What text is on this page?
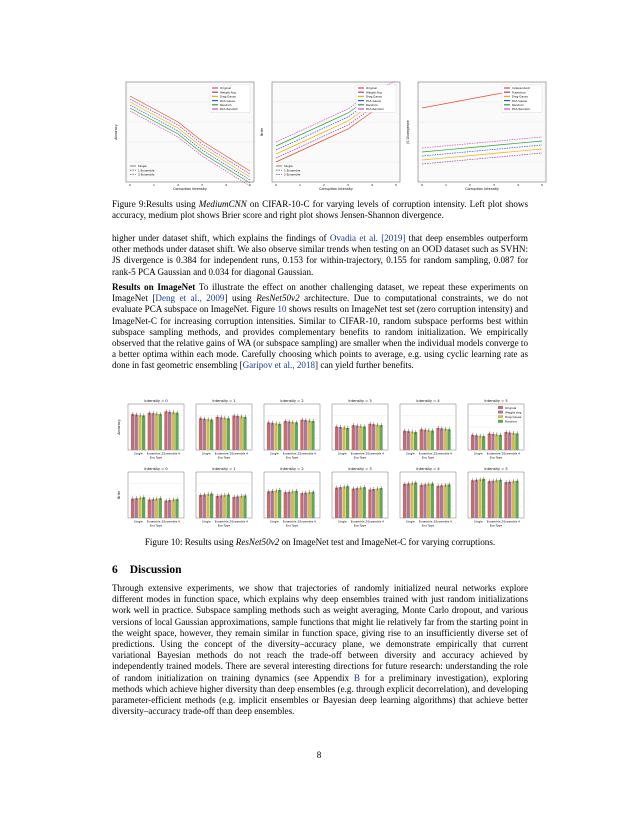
Accuracy
Corruption Intensity
0	1	2	3	4	5
Original
Weight Avg
Diag Gauss
PCA Gauss
Random
PCA Random
Single
1 Ensemble
2 Ensemble
Brier
Corruption Intensity
0	1	2	3	4	5
Original
Weight Avg
Diag Gauss
PCA Gauss
Random
PCA Random
Single
1 Ensemble
2 Ensemble
JS Divergence
Corruption Intensity
0	1	2	3	4	5
Independent
Trajectory
Diag Gauss
PCA Gauss
Random
PCA Random
Figure 9:Results using MediumCNN on CIFAR-10-C for varying levels of corruption intensity. Left plot shows accuracy, medium plot shows Brier score and right plot shows Jensen-Shannon divergence.
higher under dataset shift, which explains the findings of Ovadia et al. [2019] that deep ensembles outperform other methods under dataset shift. We also observe similar trends when testing on an OOD dataset such as SVHN: JS divergence is 0.384 for independent runs, 0.153 for within-trajectory, 0.155 for random sampling, 0.087 for rank-5 PCA Gaussian and 0.034 for diagonal Gaussian.
Results on ImageNet To illustrate the effect on another challenging dataset, we repeat these experiments on ImageNet [Deng et al., 2009] using ResNet50v2 architecture. Due to computational constraints, we do not evaluate PCA subspace on ImageNet. Figure 10 shows results on ImageNet test set (zero corruption intensity) and ImageNet-C for increasing corruption intensities. Similar to CIFAR-10, random subspace performs best within subspace sampling methods, and provides complementary benefits to random initialization. We empirically observed that the relative gains of WA (or subspace sampling) are smaller when the individual models converge to a better optima within each mode. Carefully choosing which points to average, e.g. using cyclic learning rate as done in fast geometric ensembling [Garipov et al., 2018] can yield further benefits.
Intensity = 0
Accuracy
Single Ensemble 2 Ensemble 4
Ens Type
Intensity = 1
Single Ensemble 2 Ensemble 4
Ens Type
Intensity = 2
Single Ensemble 2 Ensemble 4
Ens Type
Intensity = 3
Single Ensemble 2 Ensemble 4
Ens Type
Intensity = 4
Single Ensemble 2 Ensemble 4
Ens Type
Intensity = 5
Single Ensemble 2 Ensemble 4
Ens Type
Intensity = 0
Brier
Single Ensemble 2 Ensemble 4
Ens Type
Intensity = 1
Single Ensemble 2 Ensemble 4
Ens Type
Intensity = 2
Single Ensemble 2 Ensemble 4
Ens Type
Intensity = 3
Single Ensemble 2 Ensemble 4
Ens Type
Intensity = 4
Single Ensemble 2 Ensemble 4
Ens Type
Intensity = 5
Single Ensemble 2 Ensemble 4
Ens Type
Original
Weight Avg
Diag Gauss
Random
Figure 10: Results using ResNet50v2 on ImageNet test and ImageNet-C for varying corruptions.
6 Discussion
Through extensive experiments, we show that trajectories of randomly initialized neural networks explore different modes in function space, which explains why deep ensembles trained with just random initializations work well in practice. Subspace sampling methods such as weight averaging, Monte Carlo dropout, and various versions of local Gaussian approximations, sample functions that might lie relatively far from the starting point in the weight space, however, they remain similar in function space, giving rise to an insufficiently diverse set of predictions. Using the concept of the diversity–accuracy plane, we demonstrate empirically that current variational Bayesian methods do not reach the trade-off between diversity and accuracy achieved by independently trained models. There are several interesting directions for future research: understanding the role of random initialization on training dynamics (see Appendix B for a preliminary investigation), exploring methods which achieve higher diversity than deep ensembles (e.g. through explicit decorrelation), and developing parameter-efficient methods (e.g. implicit ensembles or Bayesian deep learning algorithms) that achieve better diversity–accuracy trade-off than deep ensembles.
8
